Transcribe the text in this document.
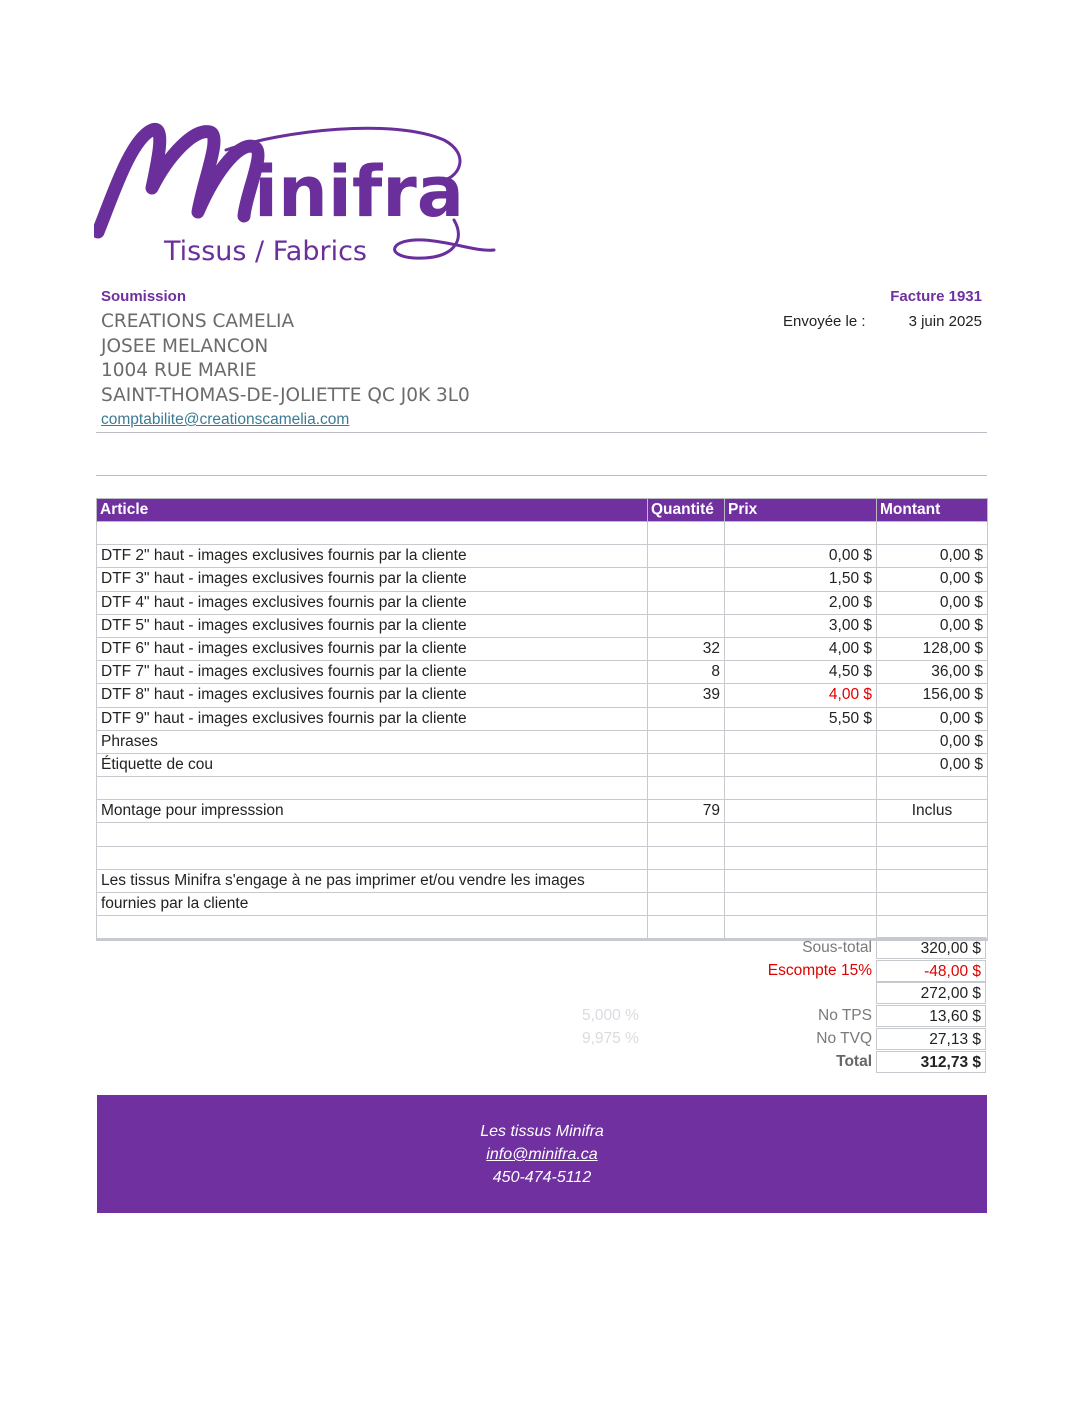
inifra
Tissus / Fabrics
Soumission	Facture 1931
Envoyée le :	3 juin 2025
CREATIONS CAMELIA
JOSEE MELANCON
1004 RUE MARIE
SAINT-THOMAS-DE-JOLIETTE QC J0K 3L0
comptabilite@creationscamelia.com
Article	Quantité	Prix	Montant

DTF 2" haut - images exclusives fournis par la cliente		0,00 $	0,00 $
DTF 3" haut - images exclusives fournis par la cliente		1,50 $	0,00 $
DTF 4" haut - images exclusives fournis par la cliente		2,00 $	0,00 $
DTF 5" haut - images exclusives fournis par la cliente		3,00 $	0,00 $
DTF 6" haut - images exclusives fournis par la cliente	32	4,00 $	128,00 $
DTF 7" haut - images exclusives fournis par la cliente	8	4,50 $	36,00 $
DTF 8" haut - images exclusives fournis par la cliente	39	4,00 $	156,00 $
DTF 9" haut - images exclusives fournis par la cliente		5,50 $	0,00 $
Phrases			0,00 $
Étiquette de cou			0,00 $

Montage pour impresssion	79		Inclus

Les tissus Minifra s'engage à ne pas imprimer et/ou vendre les images			
fournies par la cliente			

Sous-total	320,00 $
Escompte 15%	-48,00 $
272,00 $
5,000 %	No TPS	13,60 $
9,975 %	No TVQ	27,13 $
Total	312,73 $
Les tissus Minifra
info@minifra.ca
450-474-5112
